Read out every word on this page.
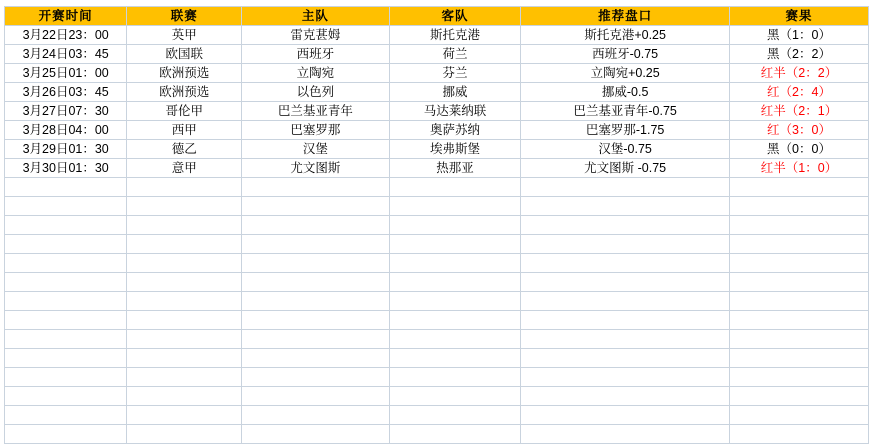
开赛时间	联赛	主队	客队	推荐盘口	赛果
3月22日23：00	英甲	雷克葚姆	斯托克港	斯托克港+0.25	黑（1：0）
3月24日03：45	欧国联	西班牙	荷兰	西班牙-0.75	黑（2：2）
3月25日01：00	欧洲预选	立陶宛	芬兰	立陶宛+0.25	红半（2：2）
3月26日03：45	欧洲预选	以色列	挪威	挪威-0.5	红（2：4）
3月27日07：30	哥伦甲	巴兰基亚青年	马达莱纳联	巴兰基亚青年-0.75	红半（2：1）
3月28日04：00	西甲	巴塞罗那	奥萨苏纳	巴塞罗那-1.75	红（3：0）
3月29日01：30	德乙	汉堡	埃弗斯堡	汉堡-0.75	黑（0：0）
3月30日01：30	意甲	尤文图斯	热那亚	尤文图斯 -0.75	红半（1：0）
